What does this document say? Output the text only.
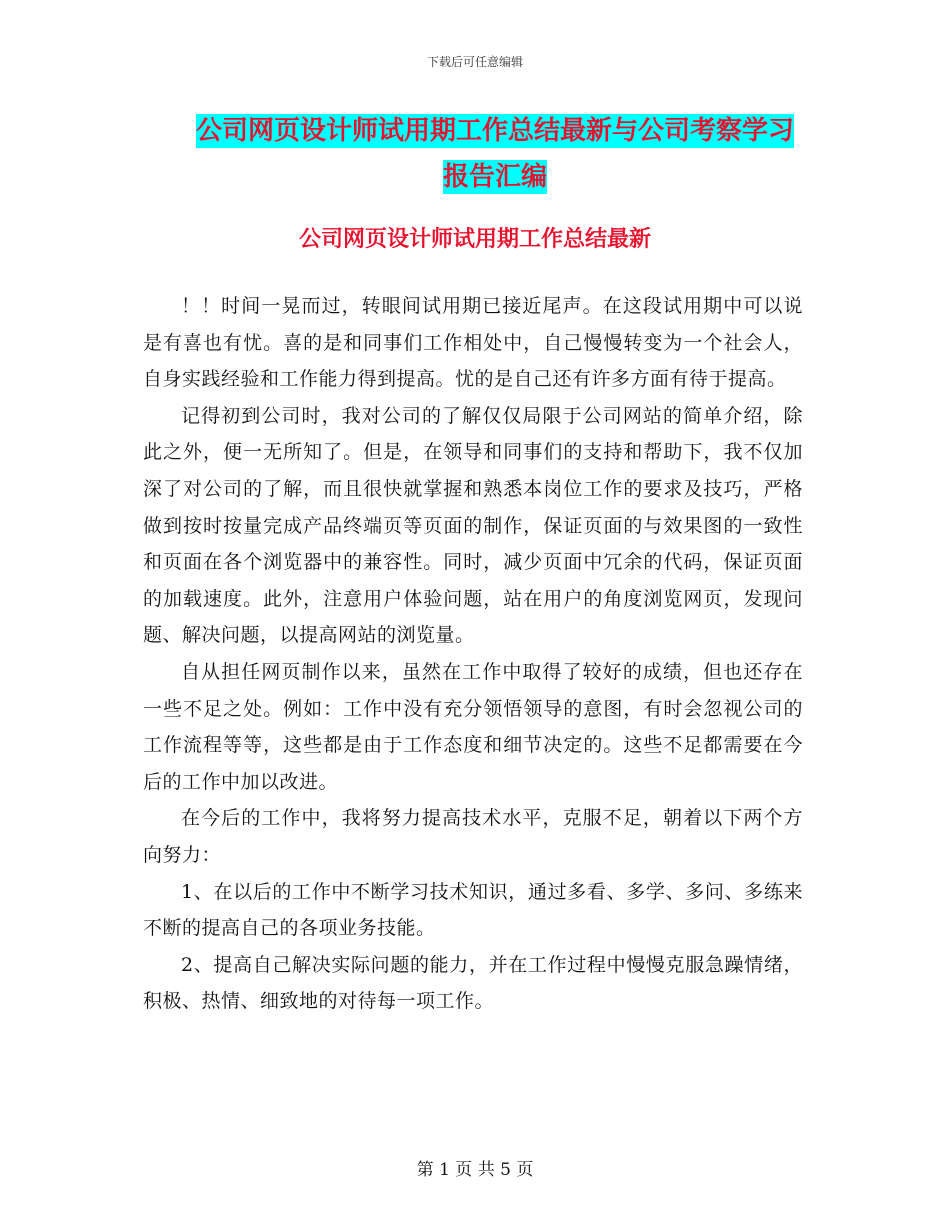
下载后可任意编辑
公司网页设计师试用期工作总结最新与公司考察学习
报告汇编
公司网页设计师试用期工作总结最新

！！时间一晃而过，转眼间试用期已接近尾声。在这段试用期中可以说是有喜也有忧。喜的是和同事们工作相处中，自己慢慢转变为一个社会人，自身实践经验和工作能力得到提高。忧的是自己还有许多方面有待于提高。

记得初到公司时，我对公司的了解仅仅局限于公司网站的简单介绍，除此之外，便一无所知了。但是，在领导和同事们的支持和帮助下，我不仅加深了对公司的了解，而且很快就掌握和熟悉本岗位工作的要求及技巧，严格做到按时按量完成产品终端页等页面的制作，保证页面的与效果图的一致性和页面在各个浏览器中的兼容性。同时，减少页面中冗余的代码，保证页面的加载速度。此外，注意用户体验问题，站在用户的角度浏览网页，发现问题、解决问题，以提高网站的浏览量。

自从担任网页制作以来，虽然在工作中取得了较好的成绩，但也还存在一些不足之处。例如：工作中没有充分领悟领导的意图，有时会忽视公司的工作流程等等，这些都是由于工作态度和细节决定的。这些不足都需要在今后的工作中加以改进。

在今后的工作中，我将努力提高技术水平，克服不足，朝着以下两个方向努力：

1、在以后的工作中不断学习技术知识，通过多看、多学、多问、多练来不断的提高自己的各项业务技能。

2、提高自己解决实际问题的能力，并在工作过程中慢慢克服急躁情绪，积极、热情、细致地的对待每一项工作。

第 1 页 共 5 页
